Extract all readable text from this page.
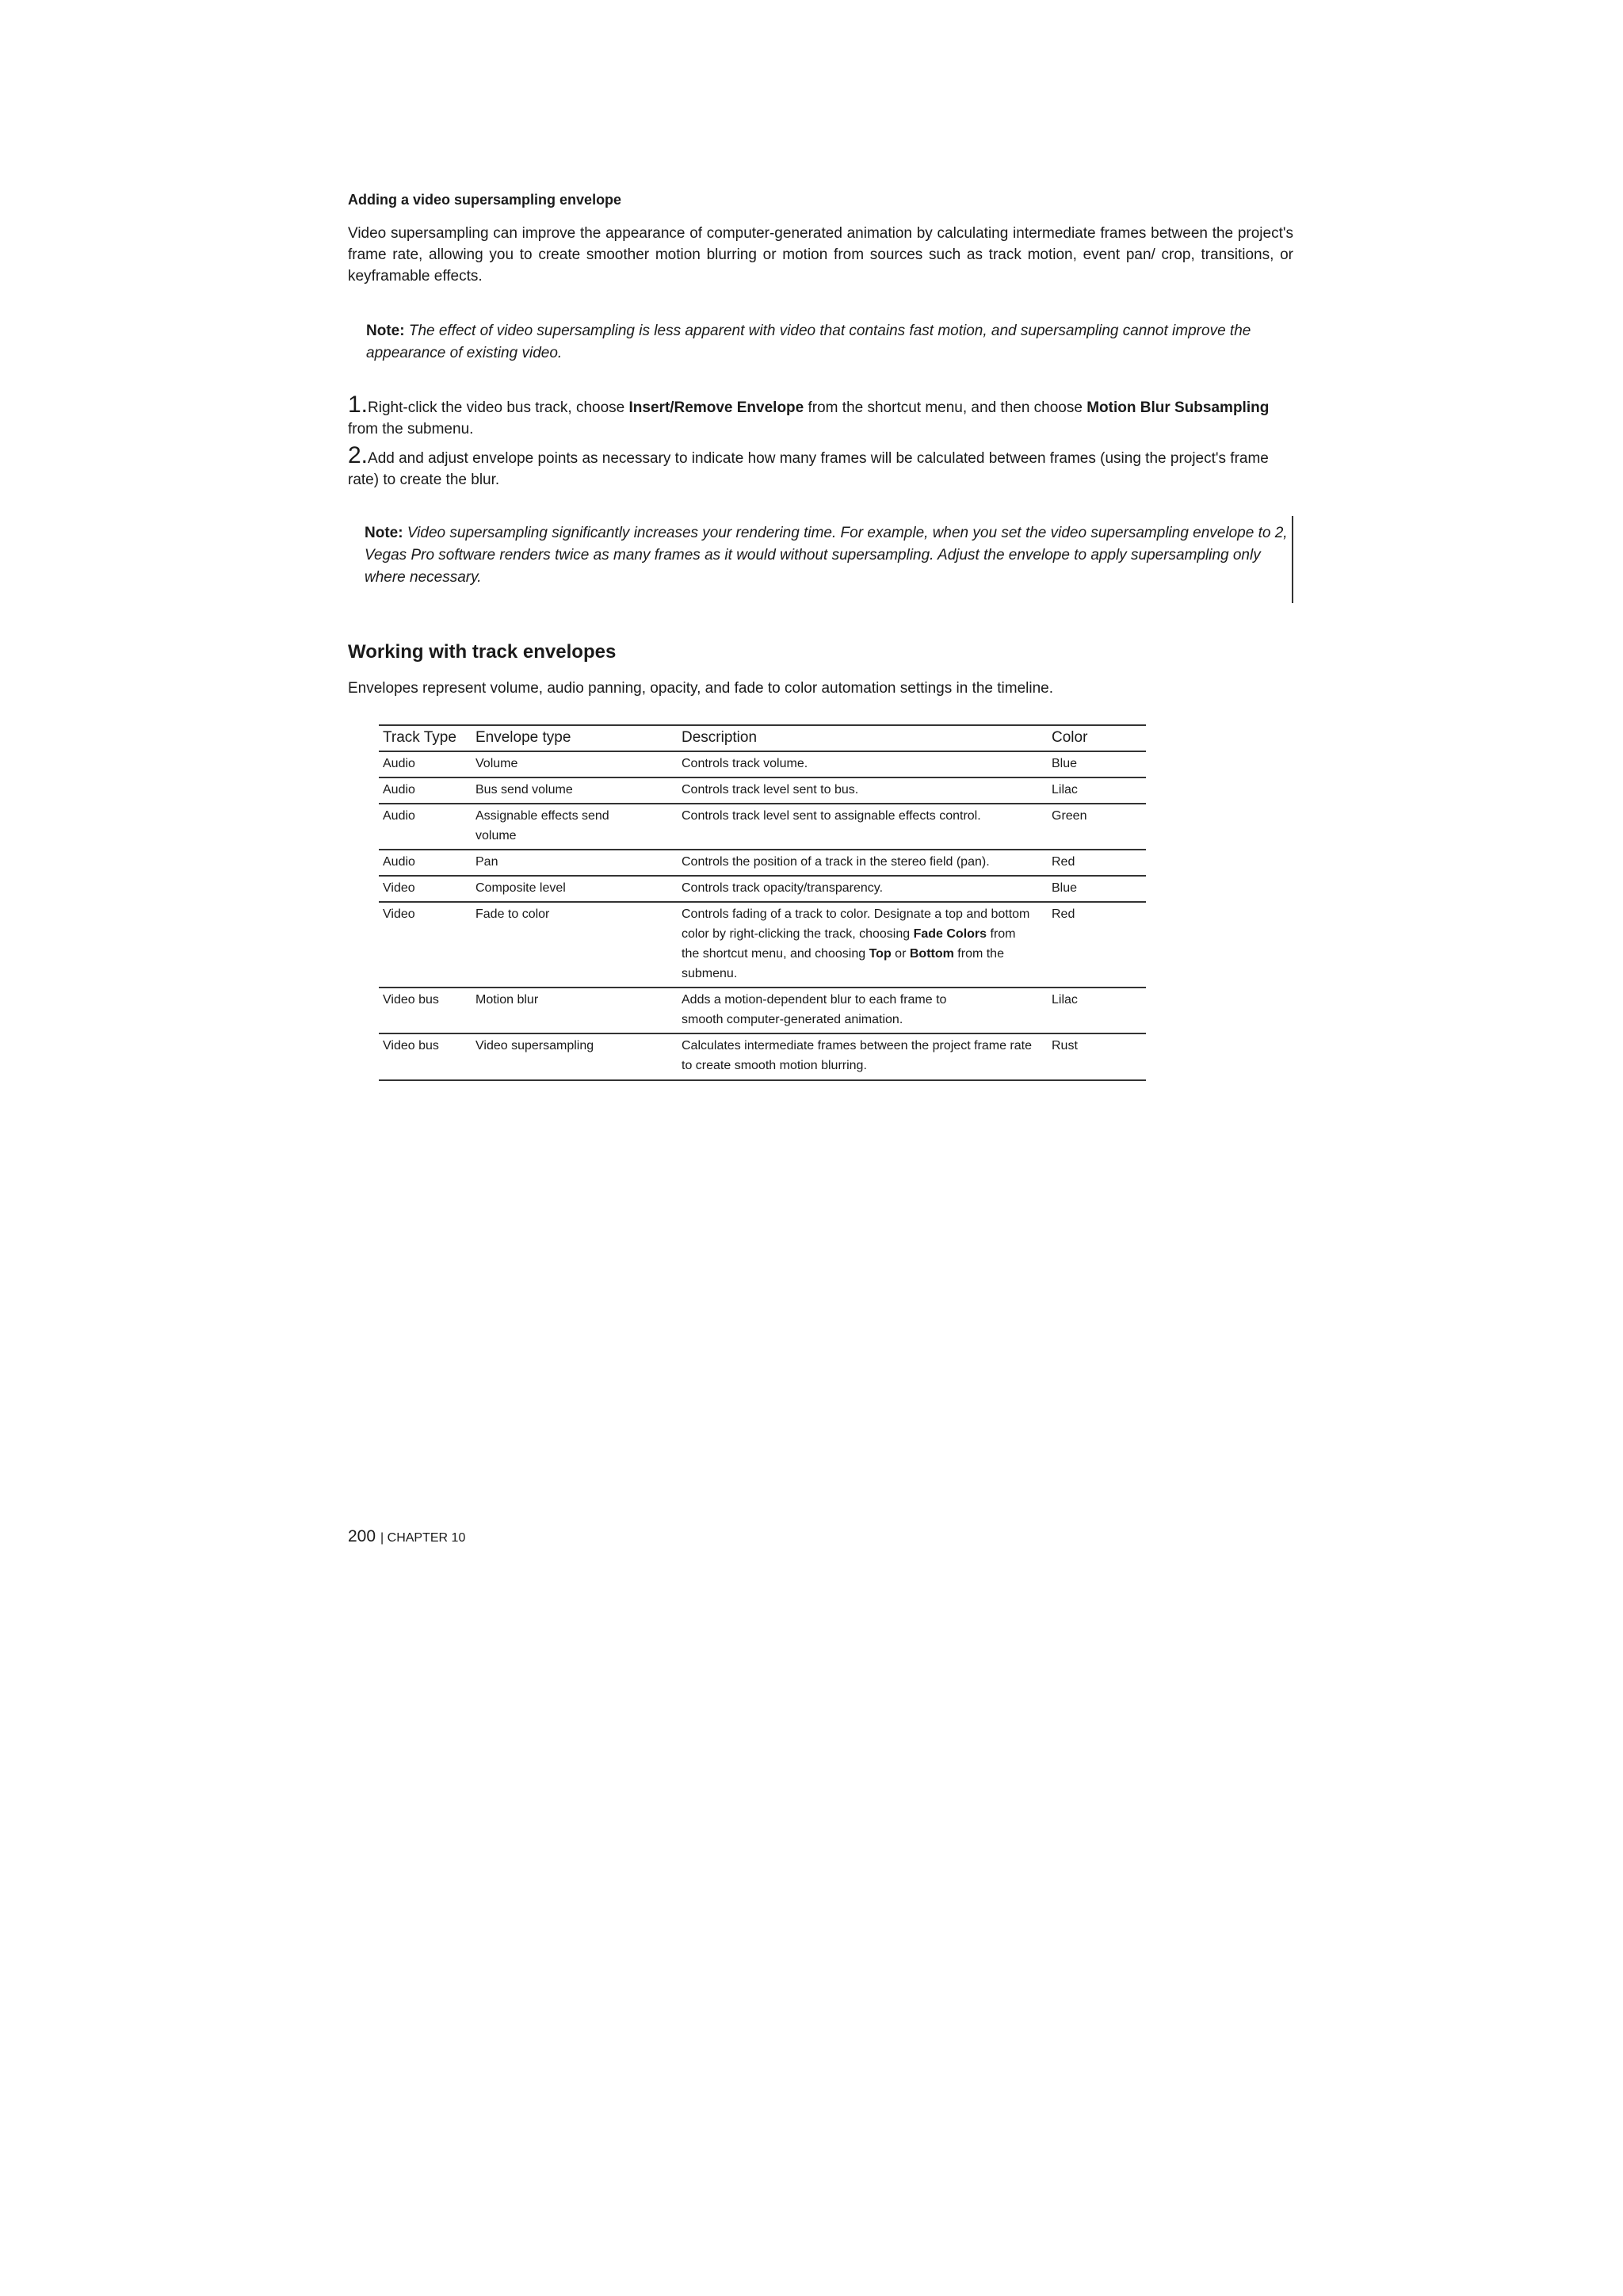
Adding a video supersampling envelope
Video supersampling can improve the appearance of computer-generated animation by calculating intermediate frames between the project's frame rate, allowing you to create smoother motion blurring or motion from sources such as track motion, event pan/ crop, transitions, or keyframable effects.
Note: The effect of video supersampling is less apparent with video that contains fast motion, and supersampling cannot improve the appearance of existing video.
1.Right-click the video bus track, choose Insert/Remove Envelope from the shortcut menu, and then choose Motion Blur Subsampling from the submenu.
2.Add and adjust envelope points as necessary to indicate how many frames will be calculated between frames (using the project's frame rate) to create the blur.
Note: Video supersampling significantly increases your rendering time. For example, when you set the video supersampling envelope to 2, Vegas Pro software renders twice as many frames as it would without supersampling. Adjust the envelope to apply supersampling only where necessary.
Working with track envelopes
Envelopes represent volume, audio panning, opacity, and fade to color automation settings in the timeline.
Track Type	Envelope type	Description	Color
Audio	Volume	Controls track volume.	Blue
Audio	Bus send volume	Controls track level sent to bus.	Lilac
Audio	Assignable effects send volume	Controls track level sent to assignable effects control.	Green
Audio	Pan	Controls the position of a track in the stereo field (pan).	Red
Video	Composite level	Controls track opacity/transparency.	Blue
Video	Fade to color	Controls fading of a track to color. Designate a top and bottom color by right-clicking the track, choosing Fade Colors from the shortcut menu, and choosing Top or Bottom from the submenu.	Red
Video bus	Motion blur	Adds a motion-dependent blur to each frame to smooth computer-generated animation.	Lilac
Video bus	Video supersampling	Calculates intermediate frames between the project frame rate to create smooth motion blurring.	Rust
200 | CHAPTER 10
